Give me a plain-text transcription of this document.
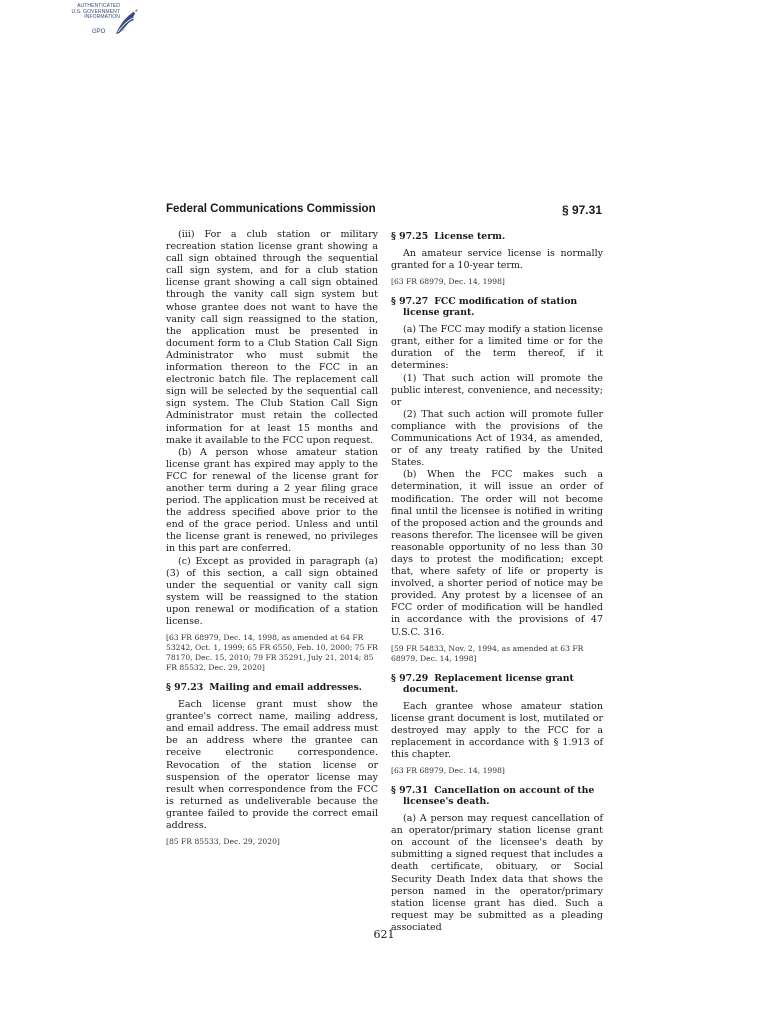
AUTHENTICATED
U.S. GOVERNMENT
INFORMATION
GPO
Federal Communications Commission	§ 97.31

(iii) For a club station or military recreation station license grant showing a call sign obtained through the sequential call sign system, and for a club station license grant showing a call sign obtained through the vanity call sign system but whose grantee does not want to have the vanity call sign reassigned to the station, the application must be presented in document form to a Club Station Call Sign Administrator who must submit the information thereon to the FCC in an electronic batch file. The replacement call sign will be selected by the sequential call sign system. The Club Station Call Sign Administrator must retain the collected information for at least 15 months and make it available to the FCC upon request.

(b) A person whose amateur station license grant has expired may apply to the FCC for renewal of the license grant for another term during a 2 year filing grace period. The application must be received at the address specified above prior to the end of the grace period. Unless and until the license grant is renewed, no privileges in this part are conferred.

(c) Except as provided in paragraph (a)(3) of this section, a call sign obtained under the sequential or vanity call sign system will be reassigned to the station upon renewal or modification of a station license.

[63 FR 68979, Dec. 14, 1998, as amended at 64 FR 53242, Oct. 1, 1999; 65 FR 6550, Feb. 10, 2000; 75 FR 78170, Dec. 15, 2010; 79 FR 35291, July 21, 2014; 85 FR 85532, Dec. 29, 2020]

§ 97.23 Mailing and email addresses.

Each license grant must show the grantee's correct name, mailing address, and email address. The email address must be an address where the grantee can receive electronic correspondence. Revocation of the station license or suspension of the operator license may result when correspondence from the FCC is returned as undeliverable because the grantee failed to provide the correct email address.

[85 FR 85533, Dec. 29, 2020]

§ 97.25 License term.

An amateur service license is normally granted for a 10-year term.

[63 FR 68979, Dec. 14, 1998]

§ 97.27 FCC modification of station license grant.

(a) The FCC may modify a station license grant, either for a limited time or for the duration of the term thereof, if it determines:

(1) That such action will promote the public interest, convenience, and necessity; or

(2) That such action will promote fuller compliance with the provisions of the Communications Act of 1934, as amended, or of any treaty ratified by the United States.

(b) When the FCC makes such a determination, it will issue an order of modification. The order will not become final until the licensee is notified in writing of the proposed action and the grounds and reasons therefor. The licensee will be given reasonable opportunity of no less than 30 days to protest the modification; except that, where safety of life or property is involved, a shorter period of notice may be provided. Any protest by a licensee of an FCC order of modification will be handled in accordance with the provisions of 47 U.S.C. 316.

[59 FR 54833, Nov. 2, 1994, as amended at 63 FR 68979, Dec. 14, 1998]

§ 97.29 Replacement license grant document.

Each grantee whose amateur station license grant document is lost, mutilated or destroyed may apply to the FCC for a replacement in accordance with § 1.913 of this chapter.

[63 FR 68979, Dec. 14, 1998]

§ 97.31 Cancellation on account of the licensee's death.

(a) A person may request cancellation of an operator/primary station license grant on account of the licensee's death by submitting a signed request that includes a death certificate, obituary, or Social Security Death Index data that shows the person named in the operator/primary station license grant has died. Such a request may be submitted as a pleading associated

621
